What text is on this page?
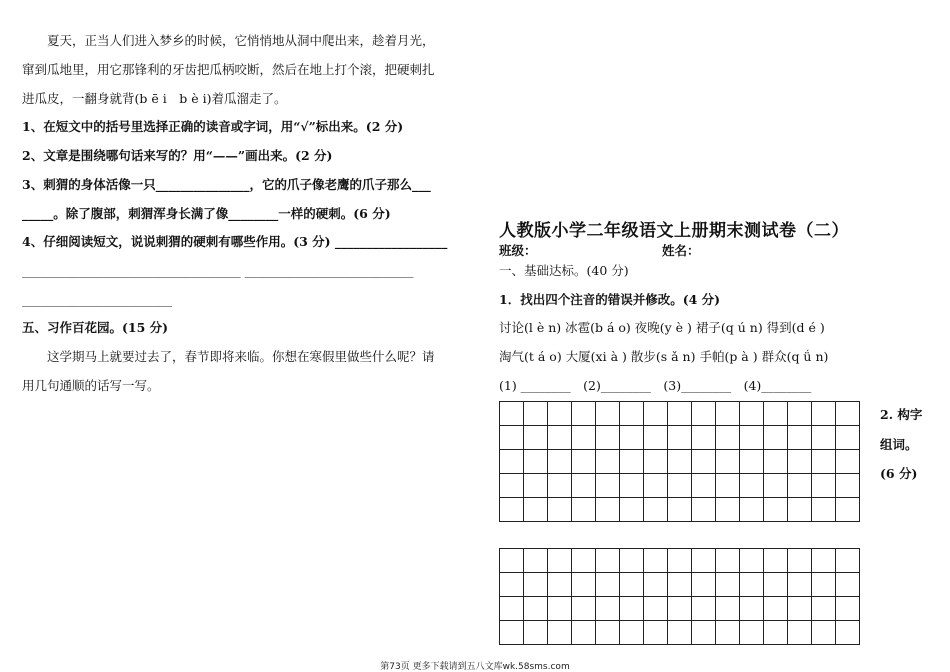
　　夏天，正当人们进入梦乡的时候，它悄悄地从洞中爬出来，趁着月光，
窜到瓜地里，用它那锋利的牙齿把瓜柄咬断，然后在地上打个滚，把硬刺扎
进瓜皮，一翻身就背(b ē i　b è i)着瓜溜走了。
1、在短文中的括号里选择正确的读音或字词，用“√”标出来。(2 分)
2、文章是围绕哪句话来写的？用“——”画出来。(2 分)
3、刺猬的身体活像一只_______________，它的爪子像老鹰的爪子那么___
_____。除了腹部，刺猬浑身长满了像________一样的硬刺。(6 分)
4、仔细阅读短文，说说刺猬的硬刺有哪些作用。(3 分) __________________
___________________________________ ___________________________
________________________
五、习作百花园。(15 分)
　　这学期马上就要过去了，春节即将来临。你想在寒假里做些什么呢？请
用几句通顺的话写一写。
人教版小学二年级语文上册期末测试卷（二）
班级：	姓名：
一、基础达标。(40 分)
1．找出四个注音的错误并修改。(4 分)
讨论(l è n) 冰雹(b á o) 夜晚(y è ) 裙子(q ú n) 得到(d é )
淘气(t á o) 大厦(xi à ) 散步(s ǎ n) 手帕(p à ) 群众(q ǘ n)
(1) ________　(2)________　(3)________　(4)________

2. 构字
组词。
(6 分)
第73页 更多下载请到五八文库wk.58sms.com
